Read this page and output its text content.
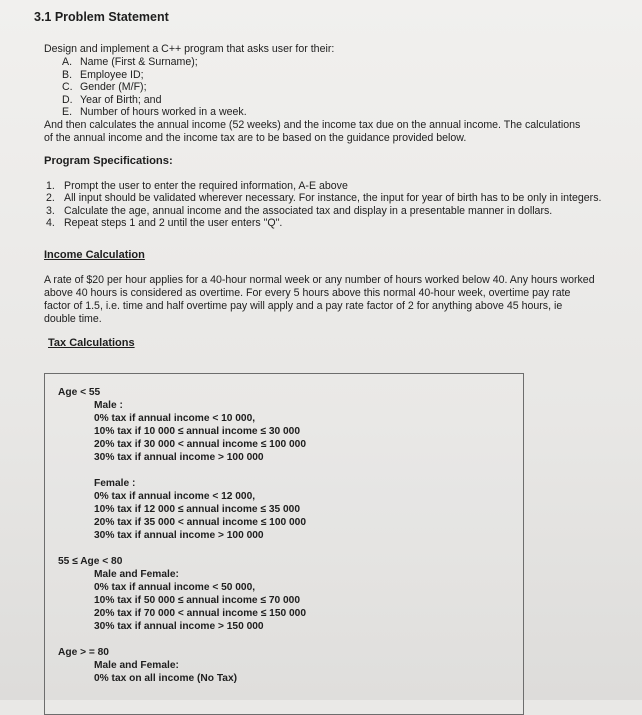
3.1 Problem Statement
Design and implement a C++ program that asks user for their:
A. Name (First & Surname);
B. Employee ID;
C. Gender (M/F);
D. Year of Birth; and
E. Number of hours worked in a week.
And then calculates the annual income (52 weeks) and the income tax due on the annual income. The calculations of the annual income and the income tax are to be based on the guidance provided below.
Program Specifications:
1. Prompt the user to enter the required information, A-E above
2. All input should be validated wherever necessary. For instance, the input for year of birth has to be only in integers.
3. Calculate the age, annual income and the associated tax and display in a presentable manner in dollars.
4. Repeat steps 1 and 2 until the user enters "Q".
Income Calculation
A rate of $20 per hour applies for a 40-hour normal week or any number of hours worked below 40. Any hours worked above 40 hours is considered as overtime. For every 5 hours above this normal 40-hour week, overtime pay rate factor of 1.5, i.e. time and half overtime pay will apply and a pay rate factor of 2 for anything above 45 hours, ie double time.
Tax Calculations
Age < 55
Male :
0% tax if annual income < 10 000,
10% tax if 10 000 ≤ annual income ≤ 30 000
20% tax if 30 000 < annual income ≤ 100 000
30% tax if annual income > 100 000
Female :
0% tax if annual income < 12 000,
10% tax if 12 000 ≤ annual income ≤ 35 000
20% tax if 35 000 < annual income ≤ 100 000
30% tax if annual income > 100 000
55 ≤ Age < 80
Male and Female:
0% tax if annual income < 50 000,
10% tax if 50 000 ≤ annual income ≤ 70 000
20% tax if 70 000 < annual income ≤ 150 000
30% tax if annual income > 150 000
Age > = 80
Male and Female:
0% tax on all income (No Tax)
